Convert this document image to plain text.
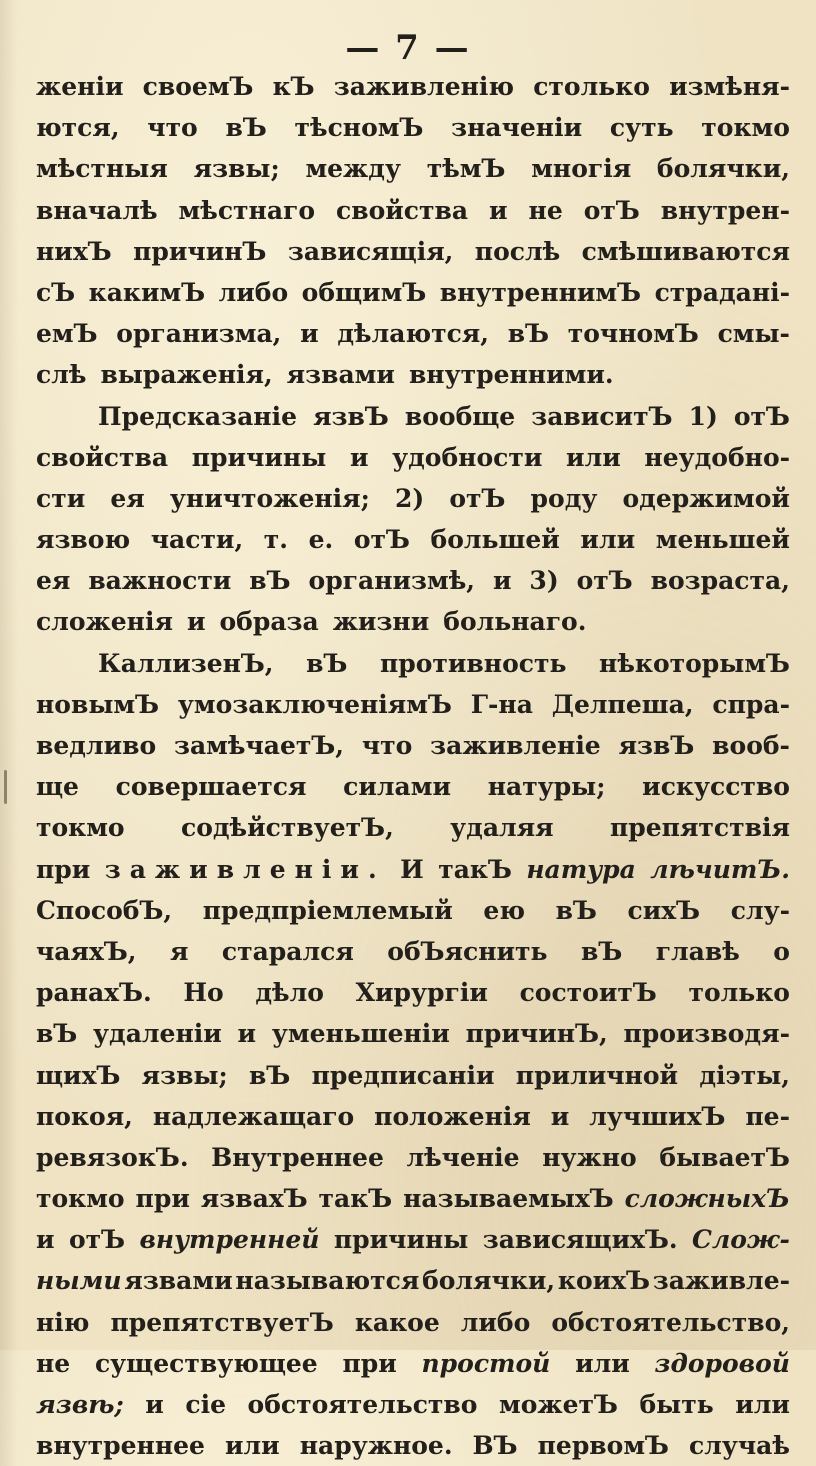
— 7 —
женіи своемЪ кЪ заживленію столько измѣня-
ются, что вЪ тѣсномЪ значеніи суть токмо
мѣстныя язвы; между тѣмЪ многія болячки,
вначалѣ мѣстнаго свойства и не отЪ внутрен-
нихЪ причинЪ зависящія, послѣ смѣшиваются
сЪ какимЪ либо общимЪ внутреннимЪ страдані-
емЪ организма, и дѣлаются, вЪ точномЪ смы-
слѣ выраженія, язвами внутренними.
Предсказаніе язвЪ вообще зависитЪ 1) отЪ
свойства причины и удобности или неудобно-
сти ея уничтоженія; 2) отЪ роду одержимой
язвою части, т. е. отЪ большей или меньшей
ея важности вЪ организмѣ, и 3) отЪ возраста,
сложенія и образа жизни больнаго.
КаллизенЪ, вЪ противность нѣкоторымЪ
новымЪ умозаключеніямЪ Г-на Делпеша, спра-
ведливо замѣчаетЪ, что заживленіе язвЪ вооб-
ще совершается силами натуры; искусство
токмо содѣйствуетЪ, удаляя препятствія
при заживленіи. И такЪ натура лѣчитЪ.
СпособЪ, предпріемлемый ею вЪ сихЪ слу-
чаяхЪ, я старался обЪяснить вЪ главѣ о
ранахЪ. Но дѣло Хирургіи состоитЪ только
вЪ удаленіи и уменьшеніи причинЪ, производя-
щихЪ язвы; вЪ предписаніи приличной діэты,
покоя, надлежащаго положенія и лучшихЪ пе-
ревязокЪ. Внутреннее лѣченіе нужно бываетЪ
токмо при язвахЪ такЪ называемыхЪ сложныхЪ
и отЪ внутренней причины зависящихЪ. Слож-
ными язвами называются болячки, коихЪ заживле-
нію препятствуетЪ какое либо обстоятельство,
не существующее при простой или здоровой
язвѣ; и сіе обстоятельство можетЪ быть или
внутреннее или наружное. ВЪ первомЪ случаѣ
